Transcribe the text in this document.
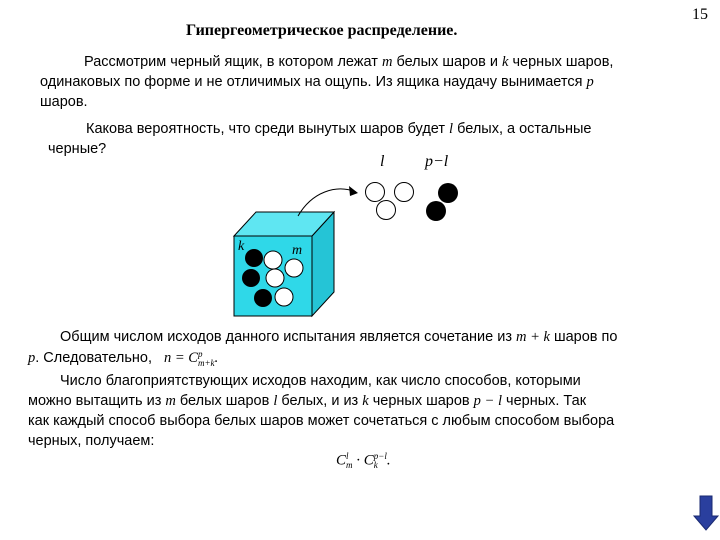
Гипергеометрическое распределение.
15
Рассмотрим черный ящик, в котором лежат m белых шаров и k черных шаров,
одинаковых по форме и не отличимых на ощупь. Из ящика наудачу вынимается p
шаров.
Какова вероятность, что среди вынутых шаров будет l белых, а остальные
черные?
l	p−l
k	m
Общим числом исходов данного испытания является сочетание из m + k шаров по
p. Следовательно, n = C p
m+k .
Число благоприятствующих исходов находим, как число способов, которыми
можно вытащить из m белых шаров l белых, и из k черных шаров p − l черных. Так
как каждый способ выбора белых шаров может сочетаться с любым способом выбора
черных, получаем:
C l
m · C p−l
k .
